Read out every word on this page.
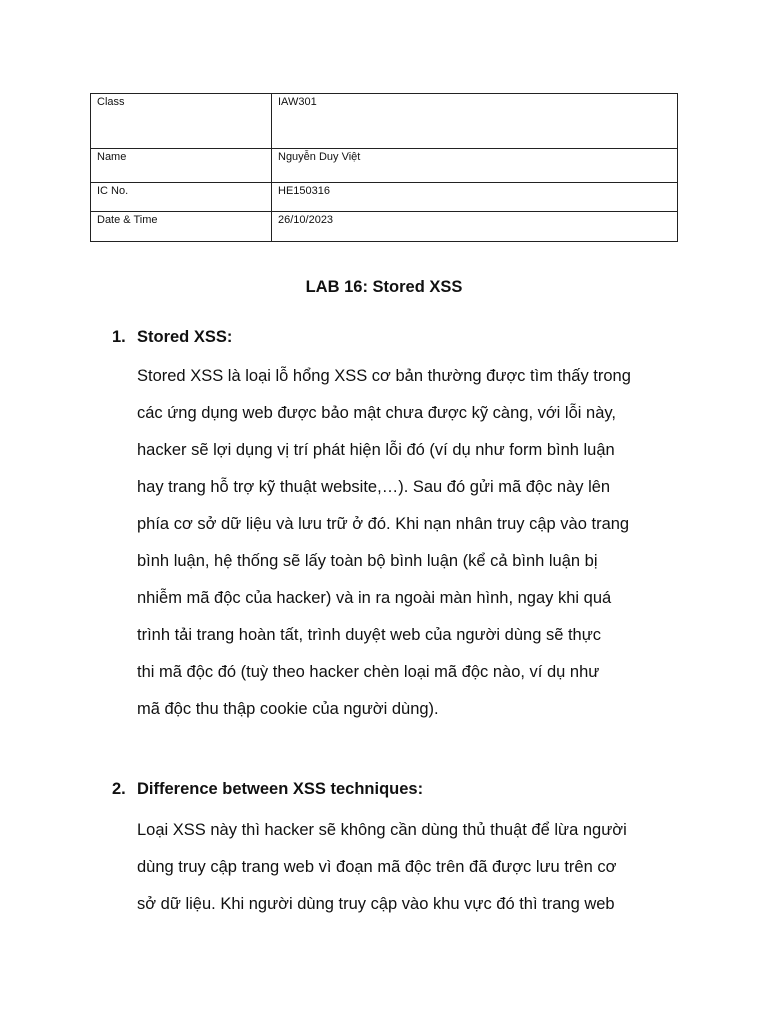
Class	IAW301
Name	Nguyễn Duy Việt
IC No.	HE150316
Date & Time	26/10/2023
LAB 16: Stored XSS
1. Stored XSS:
Stored XSS là loại lỗ hổng XSS cơ bản thường được tìm thấy trong
các ứng dụng web được bảo mật chưa được kỹ càng, với lỗi này,
hacker sẽ lợi dụng vị trí phát hiện lỗi đó (ví dụ như form bình luận
hay trang hỗ trợ kỹ thuật website,…). Sau đó gửi mã độc này lên
phía cơ sở dữ liệu và lưu trữ ở đó. Khi nạn nhân truy cập vào trang
bình luận, hệ thống sẽ lấy toàn bộ bình luận (kể cả bình luận bị
nhiễm mã độc của hacker) và in ra ngoài màn hình, ngay khi quá
trình tải trang hoàn tất, trình duyệt web của người dùng sẽ thực
thi mã độc đó (tuỳ theo hacker chèn loại mã độc nào, ví dụ như
mã độc thu thập cookie của người dùng).
2. Difference between XSS techniques:
Loại XSS này thì hacker sẽ không cần dùng thủ thuật để lừa người
dùng truy cập trang web vì đoạn mã độc trên đã được lưu trên cơ
sở dữ liệu. Khi người dùng truy cập vào khu vực đó thì trang web
